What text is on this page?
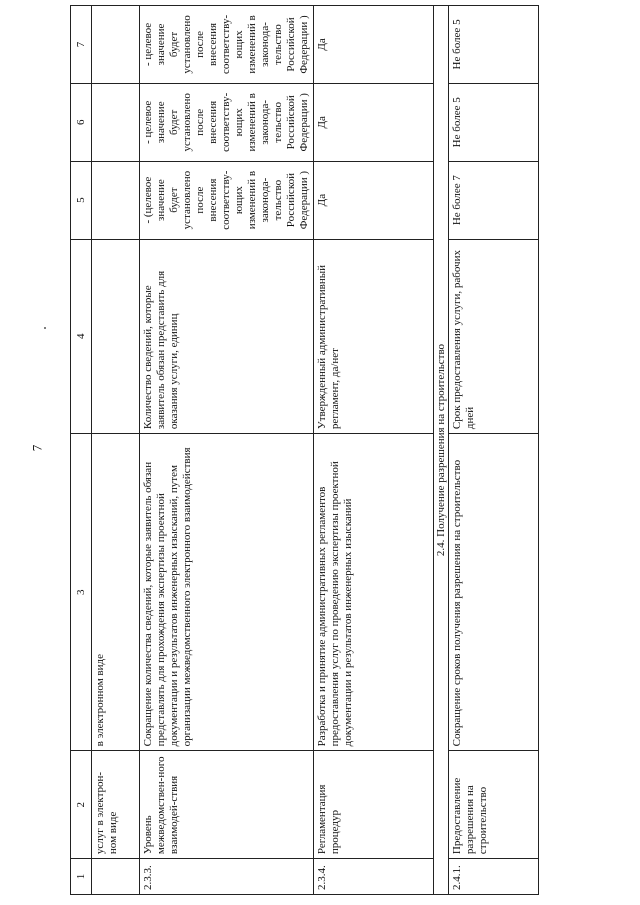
7
1	2	3	4	5	6	7
	услуг в электрон-ном виде	в электронном виде				
2.3.3.	Уровень межведомствен-ного взаимодей-ствия	Сокращение количества сведений, которые заявитель обязан представлять для прохождения экспертизы проектной документации и результатов инженерных изысканий, путем организации межведомственного электронного взаимодействия	Количество сведений, которые заявитель обязан представить для оказания услуги, единиц	- (целевое значение будет установлено после внесения соответству-ющих изменений в законода-тельство Российской Федерации )	- целевое значение будет установлено после внесения соответству-ющих изменений в законода-тельство Российской Федерации )	- целевое значение будет установлено после внесения соответству-ющих изменений в законода-тельство Российской Федерации )
2.3.4.	Регламентация процедур	Разработка и принятие административных регламентов предоставления услуг по проведению экспертизы проектной документации и результатов инженерных изысканий	Утвержденный административный регламент, да/нет	Да	Да	Да
2.4. Получение разрешения на строительство						
2.4.1.	Предоставление разрешения на строительство	Сокращение сроков получения разрешения на строительство	Срок предоставления услуги, рабочих дней	Не более 7	Не более 5	Не более 5
